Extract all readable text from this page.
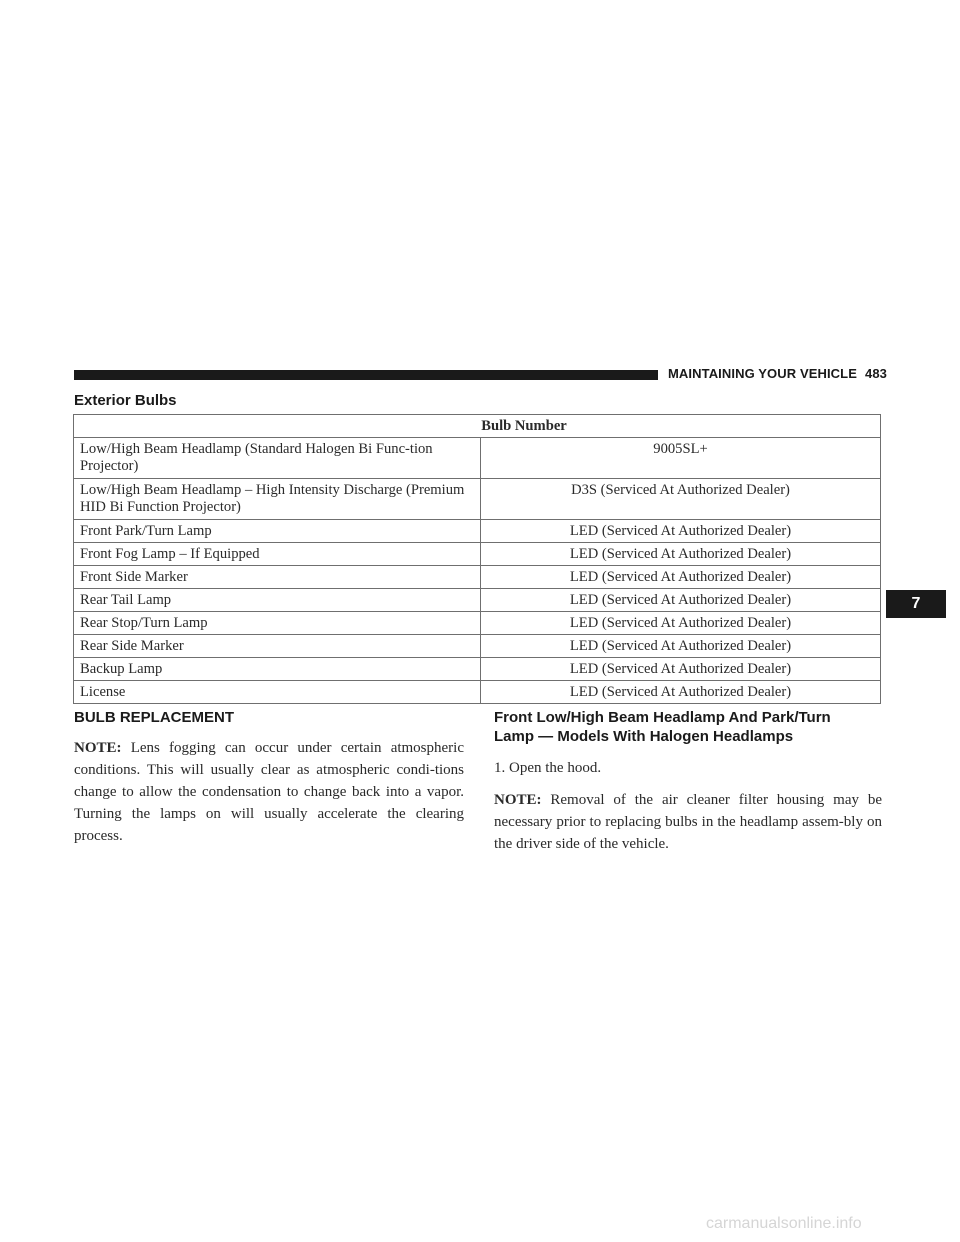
MAINTAINING YOUR VEHICLE 483
Exterior Bulbs
Bulb Number	
Low/High Beam Headlamp (Standard Halogen Bi Func-tion Projector)	9005SL+
Low/High Beam Headlamp – High Intensity Discharge (Premium HID Bi Function Projector)	D3S (Serviced At Authorized Dealer)
Front Park/Turn Lamp	LED (Serviced At Authorized Dealer)
Front Fog Lamp – If Equipped	LED (Serviced At Authorized Dealer)
Front Side Marker	LED (Serviced At Authorized Dealer)
Rear Tail Lamp	LED (Serviced At Authorized Dealer)
Rear Stop/Turn Lamp	LED (Serviced At Authorized Dealer)
Rear Side Marker	LED (Serviced At Authorized Dealer)
Backup Lamp	LED (Serviced At Authorized Dealer)
License	LED (Serviced At Authorized Dealer)
BULB REPLACEMENT

NOTE: Lens fogging can occur under certain atmospheric conditions. This will usually clear as atmospheric condi-tions change to allow the condensation to change back into a vapor. Turning the lamps on will usually accelerate the clearing process.

Front Low/High Beam Headlamp And Park/Turn
Lamp — Models With Halogen Headlamps

1. Open the hood.

NOTE: Removal of the air cleaner filter housing may be necessary prior to replacing bulbs in the headlamp assem-bly on the driver side of the vehicle.

7
carmanualsonline.info
